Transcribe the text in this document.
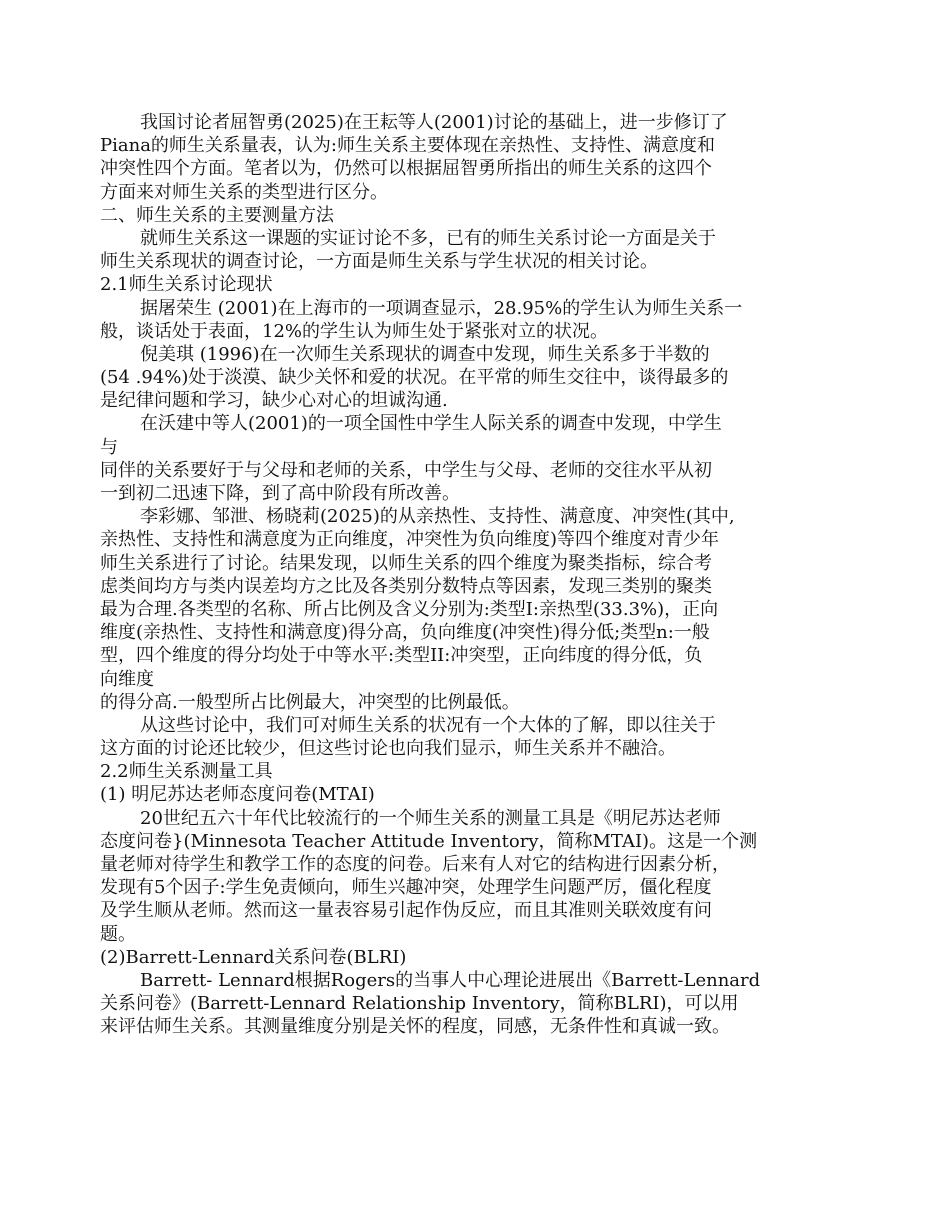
我国讨论者屈智勇(2025)在王耘等人(2001)讨论的基础上，进一步修订了
Piana的师生关系量表，认为:师生关系主要体现在亲热性、支持性、满意度和
冲突性四个方面。笔者以为，仍然可以根据屈智勇所指出的师生关系的这四个
方面来对师生关系的类型进行区分。
二、师生关系的主要测量方法
就师生关系这一课题的实证讨论不多，已有的师生关系讨论一方面是关于
师生关系现状的调查讨论，一方面是师生关系与学生状况的相关讨论。
2.1师生关系讨论现状
据屠荣生 (2001)在上海市的一项调查显示，28.95%的学生认为师生关系一
般，谈话处于表面，12%的学生认为师生处于紧张对立的状况。
倪美琪 (1996)在一次师生关系现状的调查中发现，师生关系多于半数的
(54 .94%)处于淡漠、缺少关怀和爱的状况。在平常的师生交往中，谈得最多的
是纪律问题和学习，缺少心对心的坦诚沟通.
在沃建中等人(2001)的一项全国性中学生人际关系的调查中发现，中学生
与
同伴的关系要好于与父母和老师的关系，中学生与父母、老师的交往水平从初
一到初二迅速下降，到了高中阶段有所改善。
李彩娜、邹泄、杨晓莉(2025)的从亲热性、支持性、满意度、冲突性(其中,
亲热性、支持性和满意度为正向维度，冲突性为负向维度)等四个维度对青少年
师生关系进行了讨论。结果发现，以师生关系的四个维度为聚类指标，综合考
虑类间均方与类内误差均方之比及各类别分数特点等因素，发现三类别的聚类
最为合理.各类型的名称、所占比例及含义分别为:类型I:亲热型(33.3%)，正向
维度(亲热性、支持性和满意度)得分高，负向维度(冲突性)得分低;类型n:一般
型，四个维度的得分均处于中等水平:类型II:冲突型，正向纬度的得分低，负
向维度
的得分高.一般型所占比例最大，冲突型的比例最低。
从这些讨论中，我们可对师生关系的状况有一个大体的了解，即以往关于
这方面的讨论还比较少，但这些讨论也向我们显示，师生关系并不融洽。
2.2师生关系测量工具
(1) 明尼苏达老师态度问卷(MTAI)
20世纪五六十年代比较流行的一个师生关系的测量工具是《明尼苏达老师
态度问卷}(Minnesota Teacher Attitude Inventory，简称MTAI)。这是一个测
量老师对待学生和教学工作的态度的问卷。后来有人对它的结构进行因素分析，
发现有5个因子:学生免责倾向，师生兴趣冲突，处理学生问题严厉，僵化程度
及学生顺从老师。然而这一量表容易引起作伪反应，而且其准则关联效度有问
题。
(2)Barrett-Lennard关系问卷(BLRI)
Barrett- Lennard根据Rogers的当事人中心理论进展出《Barrett-Lennard
关系问卷》(Barrett-Lennard Relationship Inventory，简称BLRI)，可以用
来评估师生关系。其测量维度分别是关怀的程度，同感，无条件性和真诚一致。
